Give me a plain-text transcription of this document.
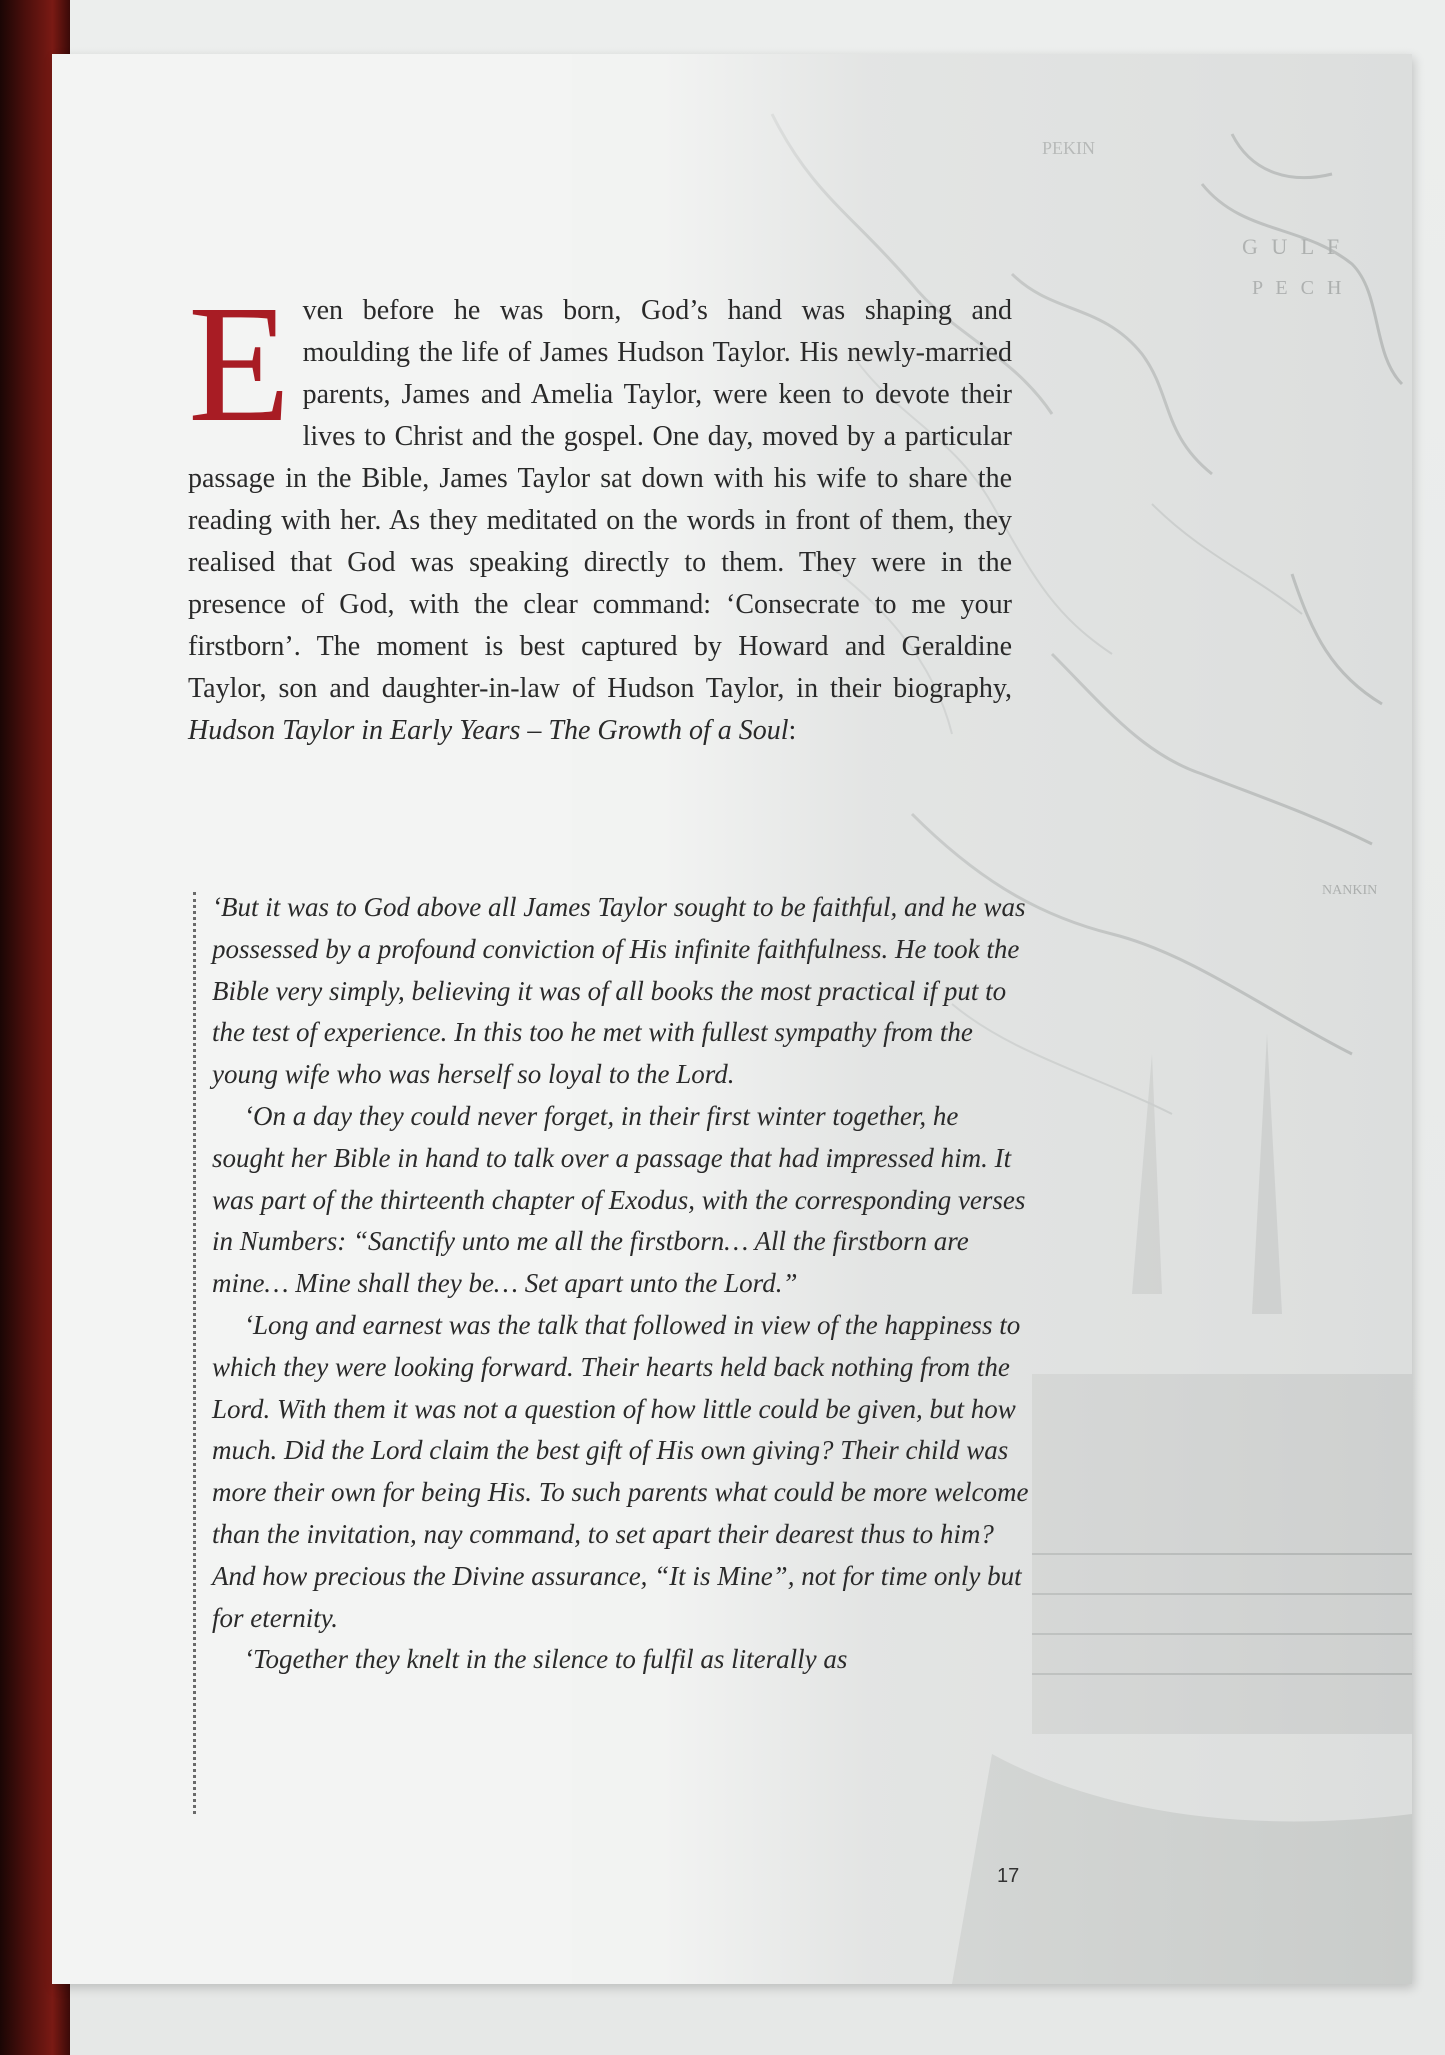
Even before he was born, God’s hand was shaping and moulding the life of James Hudson Taylor. His newly-married parents, James and Amelia Taylor, were keen to devote their lives to Christ and the gospel. One day, moved by a particular passage in the Bible, James Taylor sat down with his wife to share the reading with her. As they meditated on the words in front of them, they realised that God was speaking directly to them. They were in the presence of God, with the clear command: ‘Consecrate to me your firstborn’. The moment is best captured by Howard and Geraldine Taylor, son and daughter-in-law of Hudson Taylor, in their biography, Hudson Taylor in Early Years – The Growth of a Soul:

‘But it was to God above all James Taylor sought to be faithful, and he was possessed by a profound conviction of His infinite faithfulness. He took the Bible very simply, believing it was of all books the most practical if put to the test of experience. In this too he met with fullest sympathy from the young wife who was herself so loyal to the Lord.

‘On a day they could never forget, in their first winter together, he sought her Bible in hand to talk over a passage that had impressed him. It was part of the thirteenth chapter of Exodus, with the corresponding verses in Numbers: “Sanctify unto me all the firstborn… All the firstborn are mine… Mine shall they be… Set apart unto the Lord.”

‘Long and earnest was the talk that followed in view of the happiness to which they were looking forward. Their hearts held back nothing from the Lord. With them it was not a question of how little could be given, but how much. Did the Lord claim the best gift of His own giving? Their child was more their own for being His. To such parents what could be more welcome than the invitation, nay command, to set apart their dearest thus to him? And how precious the Divine assurance, “It is Mine”, not for time only but for eternity.

‘Together they knelt in the silence to fulfil as literally as

17
